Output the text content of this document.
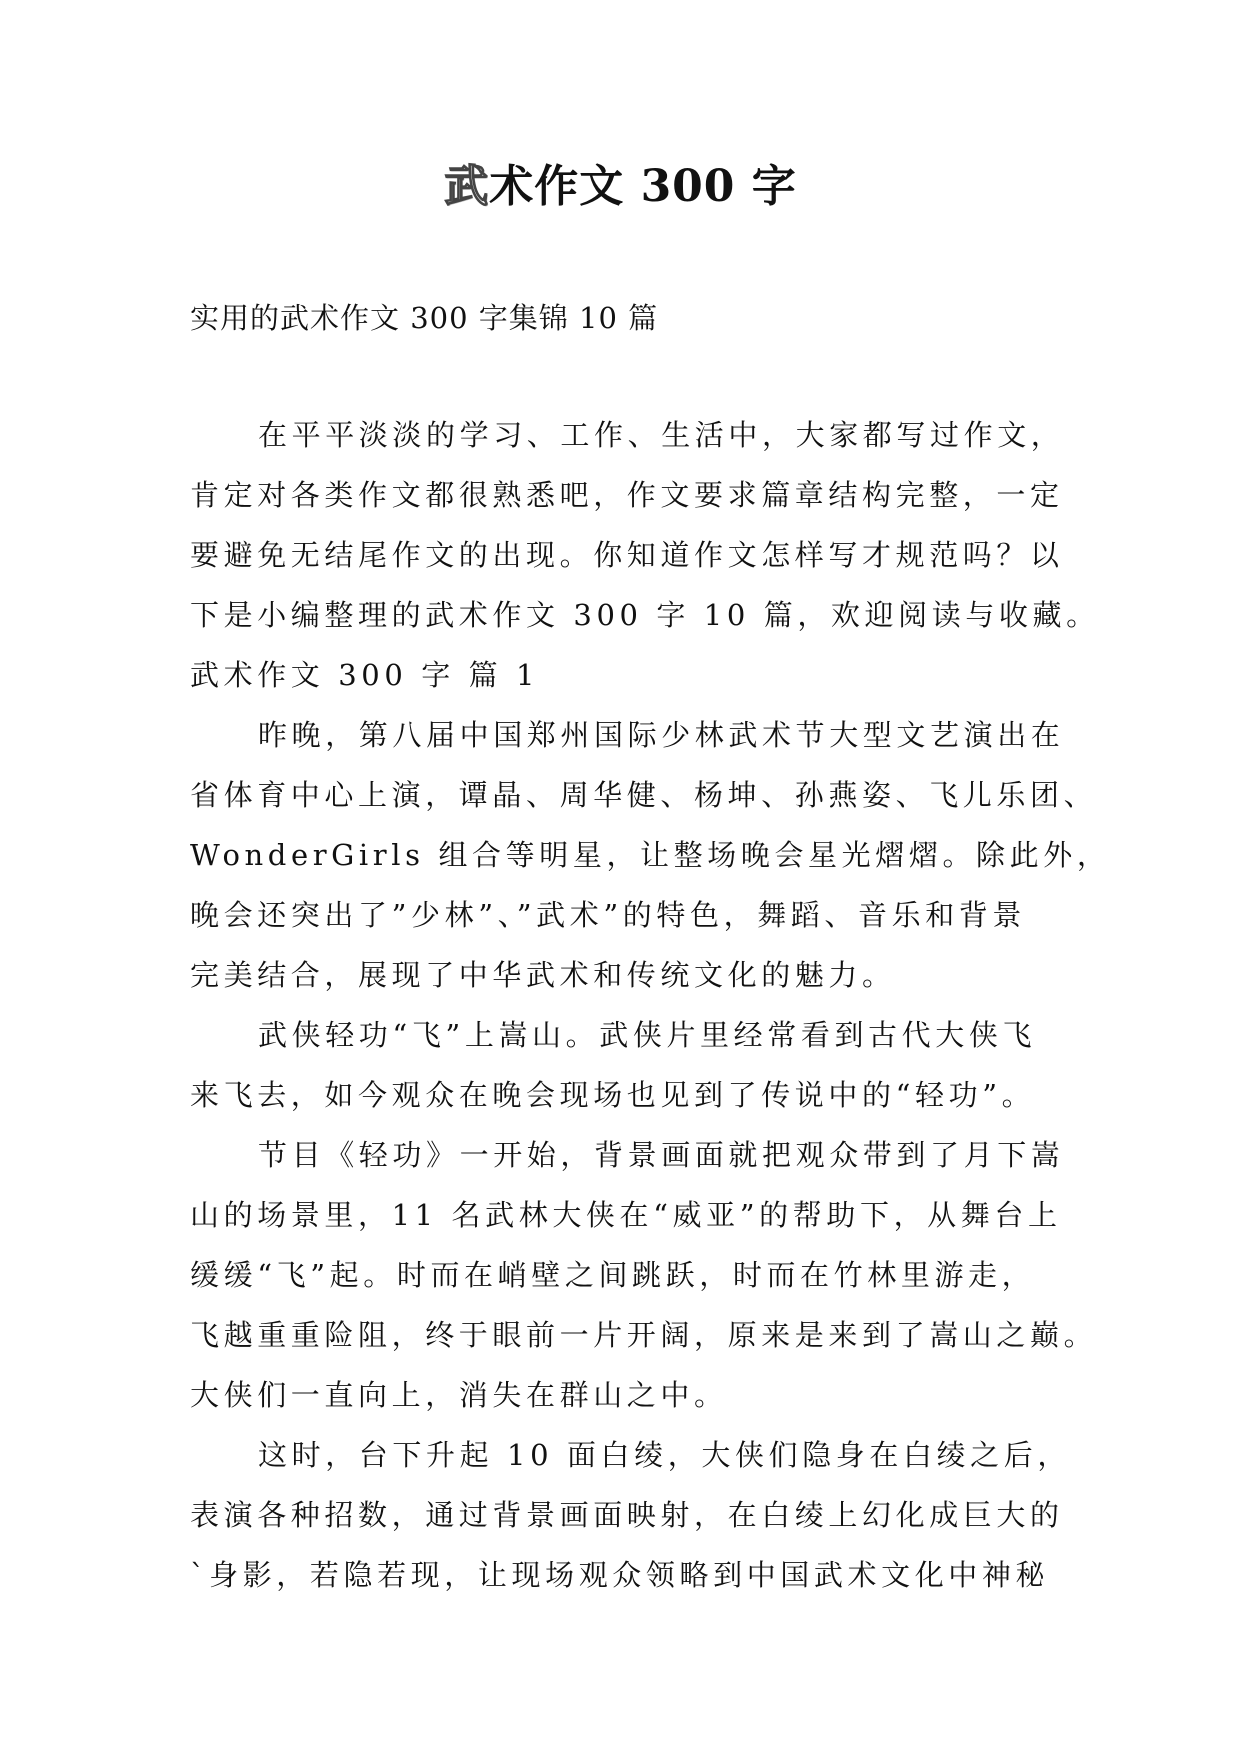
武术作文 300 字
实用的武术作文 300 字集锦 10 篇
在平平淡淡的学习、工作、生活中，大家都写过作文，
肯定对各类作文都很熟悉吧，作文要求篇章结构完整，一定
要避免无结尾作文的出现。你知道作文怎样写才规范吗？以
下是小编整理的武术作文 300 字 10 篇，欢迎阅读与收藏。
武术作文 300 字 篇 1
昨晚，第八届中国郑州国际少林武术节大型文艺演出在
省体育中心上演，谭晶、周华健、杨坤、孙燕姿、飞儿乐团、
WonderGirls 组合等明星，让整场晚会星光熠熠。除此外，
晚会还突出了”少林”、”武术”的特色，舞蹈、音乐和背景
完美结合，展现了中华武术和传统文化的魅力。
武侠轻功“飞”上嵩山。武侠片里经常看到古代大侠飞
来飞去，如今观众在晚会现场也见到了传说中的“轻功”。
节目《轻功》一开始，背景画面就把观众带到了月下嵩
山的场景里，11 名武林大侠在“威亚”的帮助下，从舞台上
缓缓“飞”起。时而在峭壁之间跳跃，时而在竹林里游走，
飞越重重险阻，终于眼前一片开阔，原来是来到了嵩山之巅。
大侠们一直向上，消失在群山之中。
这时，台下升起 10 面白绫，大侠们隐身在白绫之后，
表演各种招数，通过背景画面映射，在白绫上幻化成巨大的
`身影，若隐若现，让现场观众领略到中国武术文化中神秘
